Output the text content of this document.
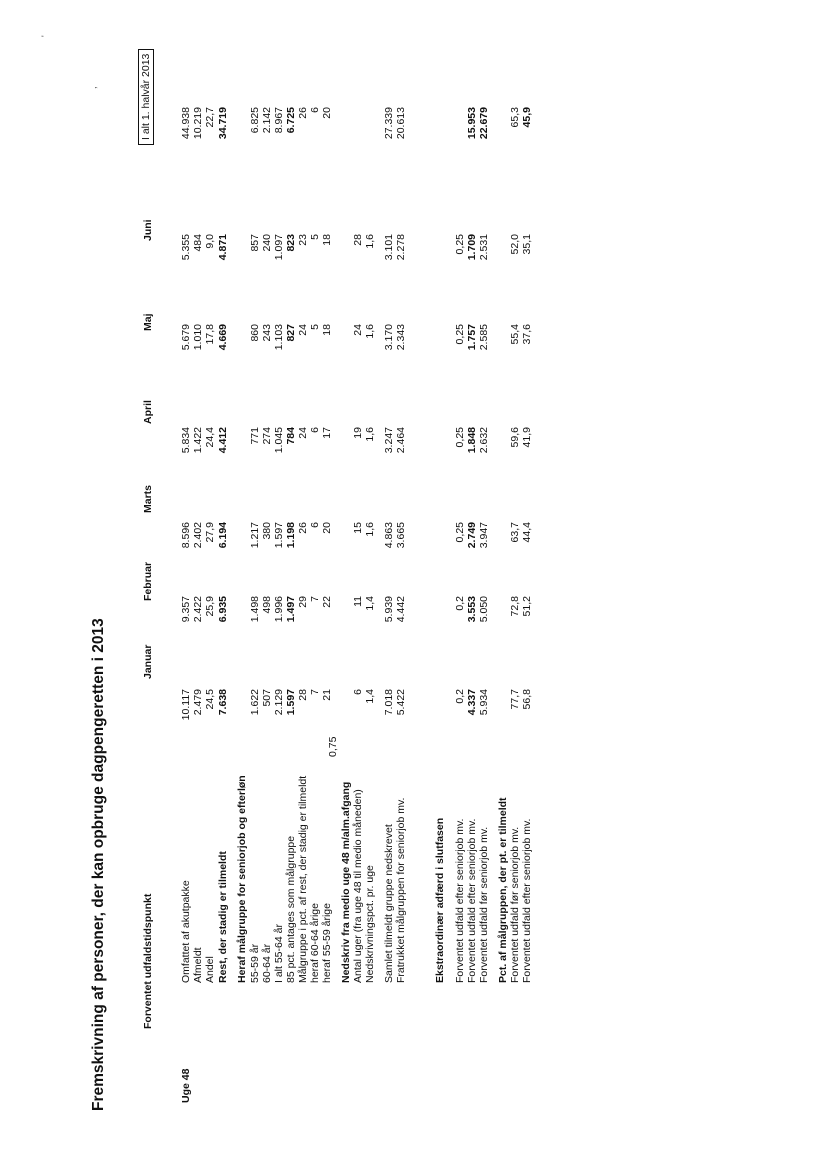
'
,
Fremskrivning af personer, der kan opbruge dagpengeretten i 2013	Forventet udfaldstidspunkt
Januar
Februar
Marts
April
Maj
Juni
I alt 1. halvår 2013
Uge 48
0,75
Omfattet af akutpakke
10.117
9.357
8.596
5.834
5.679
5.355
44.938
Afmeldt
2.479
2.422
2.402
1.422
1.010
484
10.219
Andel
24,5
25,9
27,9
24,4
17,8
9,0
22,7
Rest, der stadig er tilmeldt
7.638
6.935
6.194
4.412
4.669
4.871
34.719
Heraf målgruppe for seniorjob og efterløn 55-59 år
1.622
1.498
1.217
771
860
857
6.825
60-64 år
507
498
380
274
243
240
2.142
I alt 55-64 år
2.129
1.996
1.597
1.045
1.103
1.097
8.967
85 pct. antages som målgruppe
1.597
1.497
1.198
784
827
823
6.725
Målgruppe i pct. af rest, der stadig er tilmeldt
28
29
26
24
24
23
26
heraf 60-64 årige
7
7
6
6
5
5
6
heraf 55-59 årige
21
22
20
17
18
18
20
Nedskriv fra medio uge 48 m/alm.afgang Antal uger (fra uge 48 til medio måneden)
6
11
15
19
24
28
Nedskrivningspct. pr. uge
1,4
1,4
1,6
1,6
1,6
1,6
Samlet tilmeldt gruppe nedskrevet
7.018
5.939
4.863
3.247
3.170
3.101
27.339
Fratrukket målgruppen for seniorjob mv.
5.422
4.442
3.665
2.464
2.343
2.278
20.613
Ekstraordinær adfærd i slutfasen Forventet udfald efter seniorjob mv.
0,2
0,2
0,25
0,25
0,25
0,25
Forventet udfald efter seniorjob mv.
4.337
3.553
2.749
1.848
1.757
1.709
15.953
Forventet udfald før seniorjob mv.
5.934
5.050
3.947
2.632
2.585
2.531
22.679
Pct. af målgruppen, der pt. er tilmeldt Forventet udfald før seniorjob mv.
77,7
72,8
63,7
59,6
55,4
52,0
65,3
Forventet udfald efter seniorjob mv.
56,8
51,2
44,4
41,9
37,6
35,1
45,9
